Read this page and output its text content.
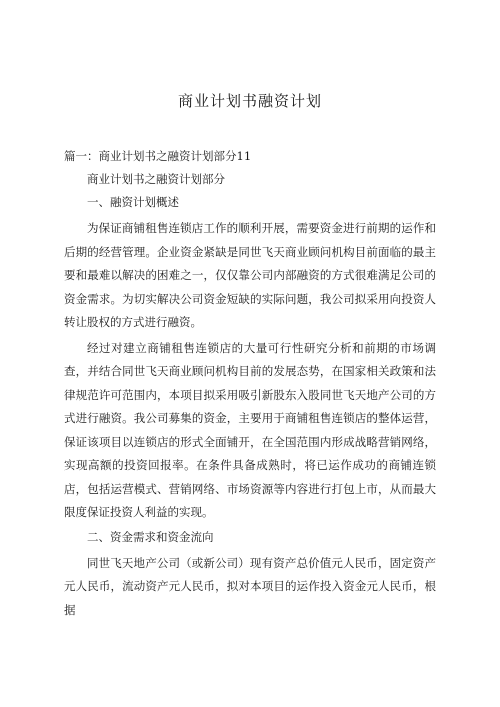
商业计划书融资计划

篇一：商业计划书之融资计划部分11

商业计划书之融资计划部分

一、融资计划概述

为保证商铺租售连锁店工作的顺利开展，需要资金进行前期的运作和后期的经营管理。企业资金紧缺是同世飞天商业顾问机构目前面临的最主要和最难以解决的困难之一，仅仅靠公司内部融资的方式很难满足公司的资金需求。为切实解决公司资金短缺的实际问题，我公司拟采用向投资人转让股权的方式进行融资。

经过对建立商铺租售连锁店的大量可行性研究分析和前期的市场调查，并结合同世飞天商业顾问机构目前的发展态势，在国家相关政策和法律规范许可范围内，本项目拟采用吸引新股东入股同世飞天地产公司的方式进行融资。我公司募集的资金，主要用于商铺租售连锁店的整体运营，保证该项目以连锁店的形式全面铺开，在全国范围内形成战略营销网络，实现高额的投资回报率。在条件具备成熟时，将已运作成功的商铺连锁店，包括运营模式、营销网络、市场资源等内容进行打包上市，从而最大限度保证投资人利益的实现。

二、资金需求和资金流向

同世飞天地产公司（或新公司）现有资产总价值元人民币，固定资产元人民币，流动资产元人民币，拟对本项目的运作投入资金元人民币，根据
